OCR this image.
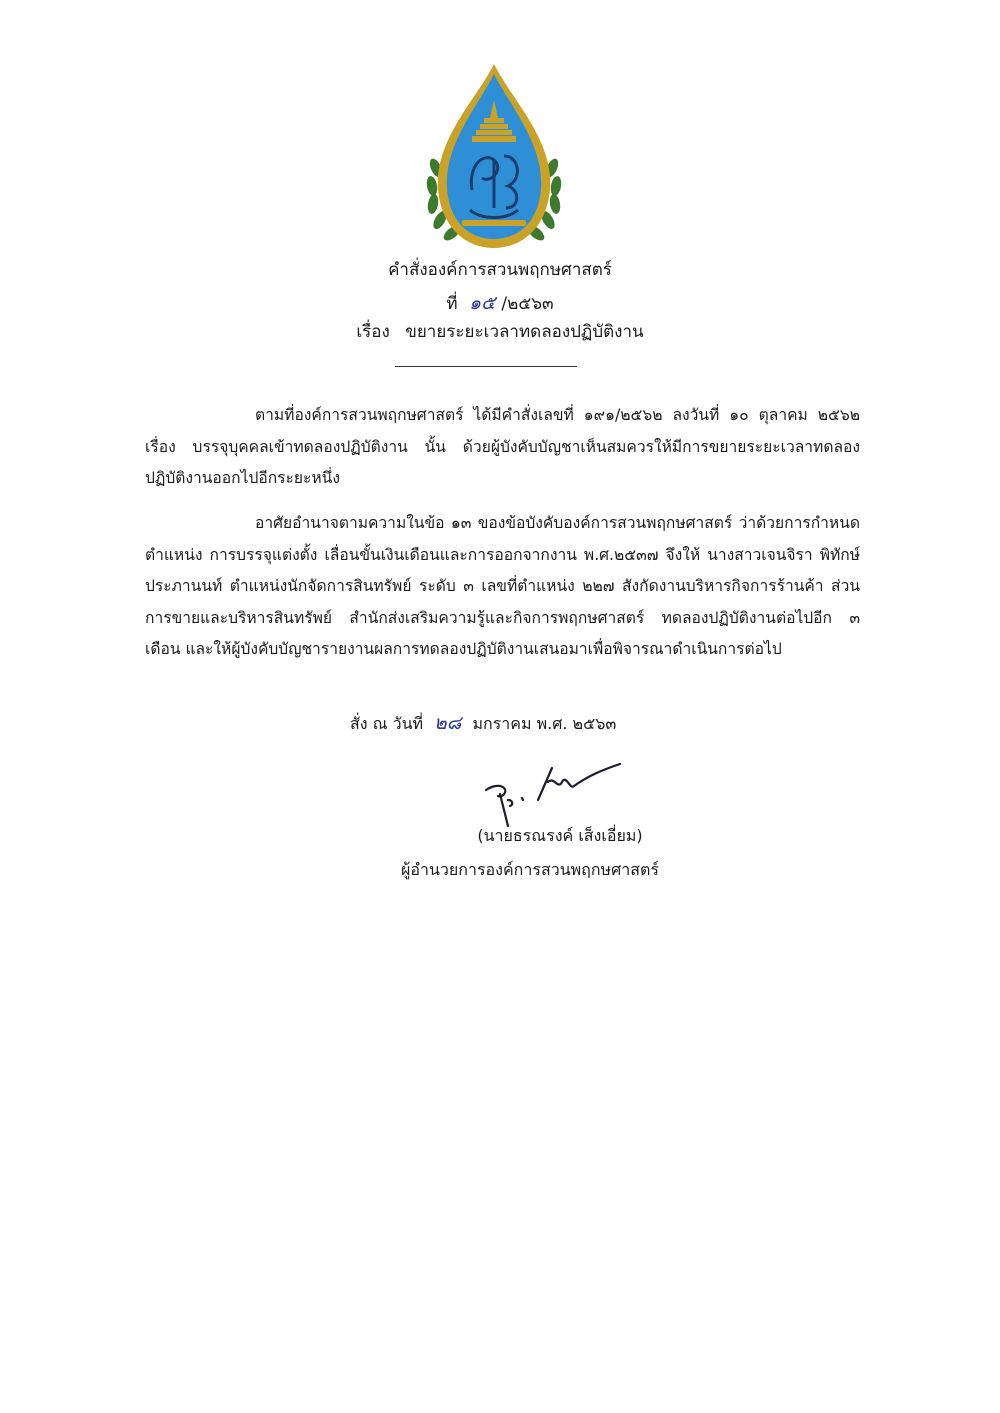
คำสั่งองค์การสวนพฤกษศาสตร์
ที่ ๑๕ /๒๕๖๓
เรื่อง ขยายระยะเวลาทดลองปฏิบัติงาน
ตามที่องค์การสวนพฤกษศาสตร์ ได้มีคำสั่งเลขที่ ๑๙๑/๒๕๖๒ ลงวันที่ ๑๐ ตุลาคม ๒๕๖๒ เรื่อง บรรจุบุคคลเข้าทดลองปฏิบัติงาน นั้น ด้วยผู้บังคับบัญชาเห็นสมควรให้มีการขยายระยะเวลาทดลองปฏิบัติงานออกไปอีกระยะหนึ่ง
อาศัยอำนาจตามความในข้อ ๑๓ ของข้อบังคับองค์การสวนพฤกษศาสตร์ ว่าด้วยการกำหนดตำแหน่ง การบรรจุแต่งตั้ง เลื่อนขั้นเงินเดือนและการออกจากงาน พ.ศ.๒๕๓๗ จึงให้ นางสาวเจนจิรา พิทักษ์ประภานนท์ ตำแหน่งนักจัดการสินทรัพย์ ระดับ ๓ เลขที่ตำแหน่ง ๒๒๗ สังกัดงานบริหารกิจการร้านค้า ส่วนการขายและบริหารสินทรัพย์ สำนักส่งเสริมความรู้และกิจการพฤกษศาสตร์ ทดลองปฏิบัติงานต่อไปอีก ๓ เดือน และให้ผู้บังคับบัญชารายงานผลการทดลองปฏิบัติงานเสนอมาเพื่อพิจารณาดำเนินการต่อไป
สั่ง ณ วันที่ ๒๘ มกราคม พ.ศ. ๒๕๖๓
(นายธรณรงค์ เส็งเอี่ยม)
ผู้อำนวยการองค์การสวนพฤกษศาสตร์
